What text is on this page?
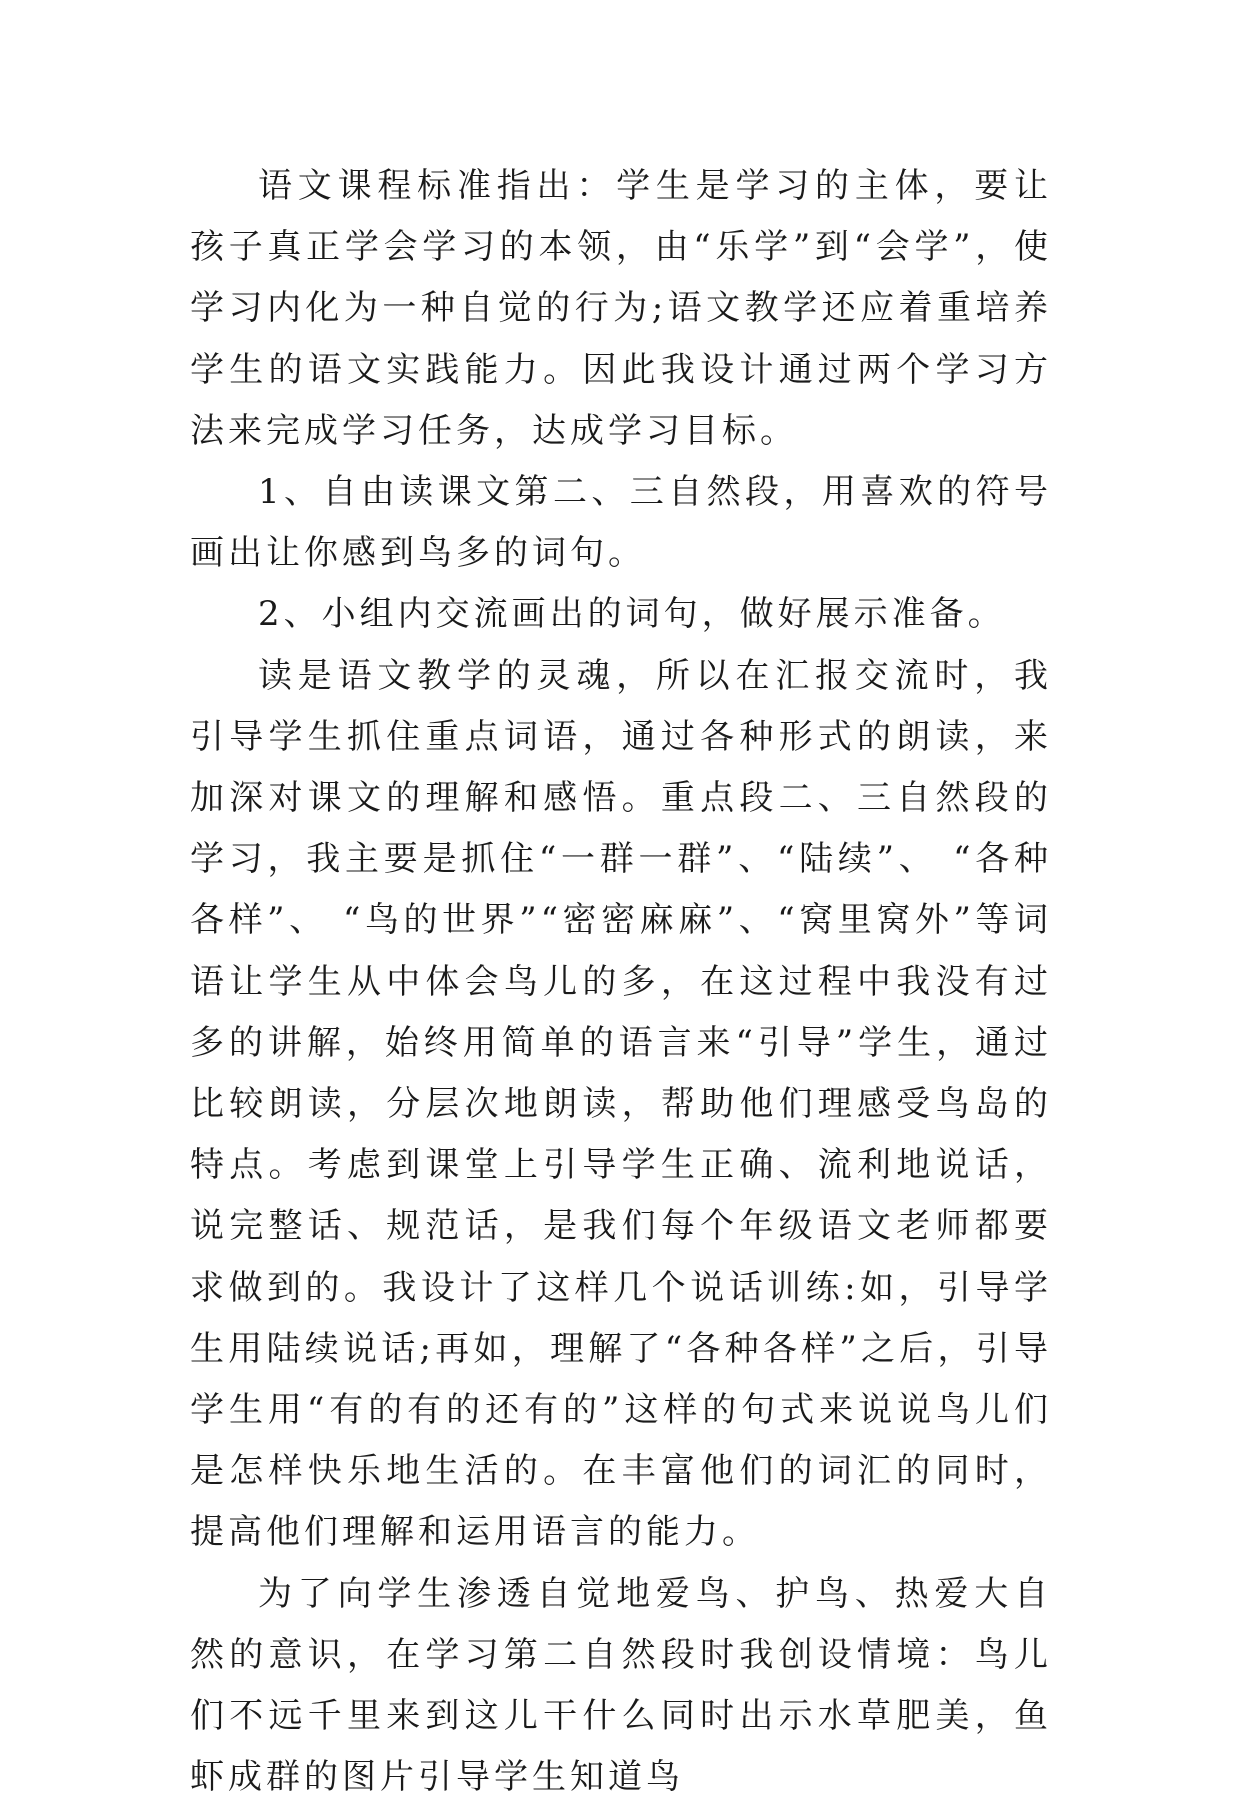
语文课程标准指出：学生是学习的主体，要让孩子真正学会学习的本领，由“乐学”到“会学”，使学习内化为一种自觉的行为;语文教学还应着重培养学生的语文实践能力。因此我设计通过两个学习方法来完成学习任务，达成学习目标。

1、自由读课文第二、三自然段，用喜欢的符号画出让你感到鸟多的词句。

2、小组内交流画出的词句，做好展示准备。

读是语文教学的灵魂，所以在汇报交流时，我引导学生抓住重点词语，通过各种形式的朗读，来加深对课文的理解和感悟。重点段二、三自然段的学习，我主要是抓住“一群一群”、“陆续”、 “各种各样”、 “鸟的世界”“密密麻麻”、“窝里窝外”等词语让学生从中体会鸟儿的多，在这过程中我没有过多的讲解，始终用简单的语言来“引导”学生，通过比较朗读，分层次地朗读，帮助他们理感受鸟岛的特点。考虑到课堂上引导学生正确、流利地说话，说完整话、规范话，是我们每个年级语文老师都要求做到的。我设计了这样几个说话训练:如，引导学生用陆续说话;再如，理解了“各种各样”之后，引导学生用“有的有的还有的”这样的句式来说说鸟儿们是怎样快乐地生活的。在丰富他们的词汇的同时，提高他们理解和运用语言的能力。

为了向学生渗透自觉地爱鸟、护鸟、热爱大自然的意识，在学习第二自然段时我创设情境：鸟儿们不远千里来到这儿干什么同时出示水草肥美，鱼虾成群的图片引导学生知道鸟
